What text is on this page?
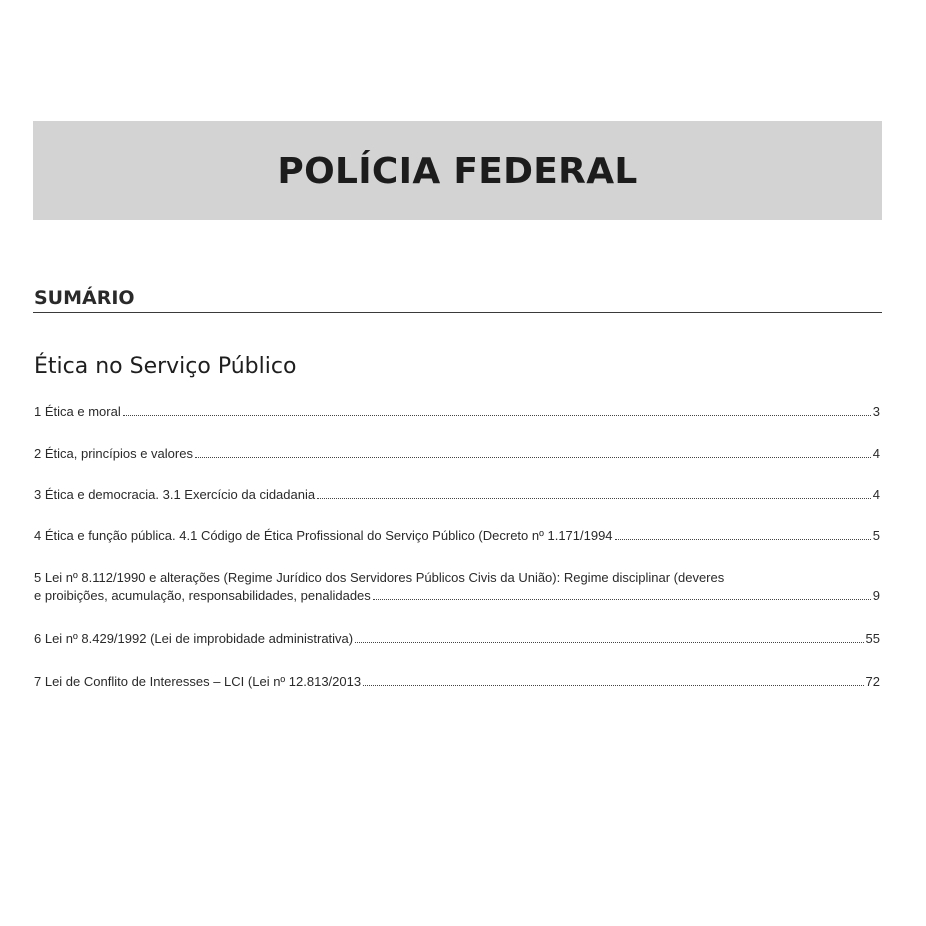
POLÍCIA FEDERAL
SUMÁRIO
Ética no Serviço Público
1 Ética e moral	3
2 Ética, princípios e valores	4
3 Ética e democracia. 3.1 Exercício da cidadania	4
4 Ética e função pública. 4.1 Código de Ética Profissional do Serviço Público (Decreto nº 1.171/1994	5
5 Lei nº 8.112/1990 e alterações (Regime Jurídico dos Servidores Públicos Civis da União): Regime disciplinar (deveres
e proibições, acumulação, responsabilidades, penalidades	9
6 Lei nº 8.429/1992 (Lei de improbidade administrativa)	55
7 Lei de Conflito de Interesses – LCI (Lei nº 12.813/2013	72
